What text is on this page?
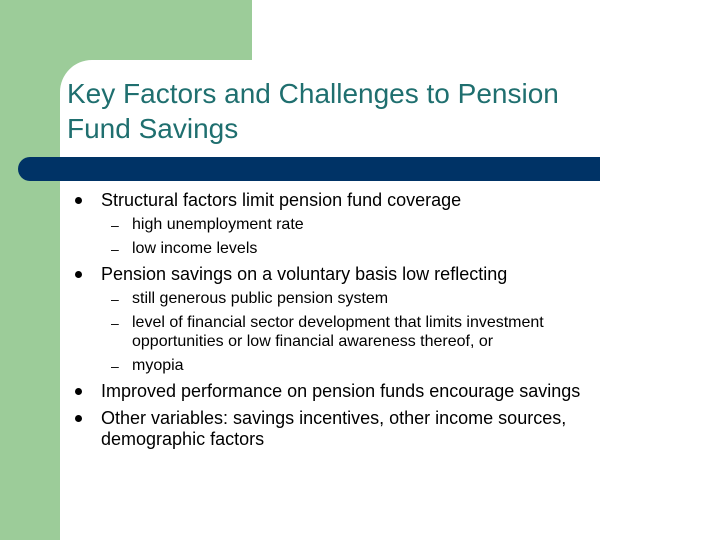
Key Factors and Challenges to Pension
Fund Savings
Structural factors limit pension fund coverage
– high unemployment rate
– low income levels
Pension savings on a voluntary basis low reflecting
– still generous public pension system
– level of financial sector development that limits investment
opportunities or low financial awareness thereof, or
– myopia
Improved performance on pension funds encourage savings
Other variables: savings incentives, other income sources,
demographic factors
